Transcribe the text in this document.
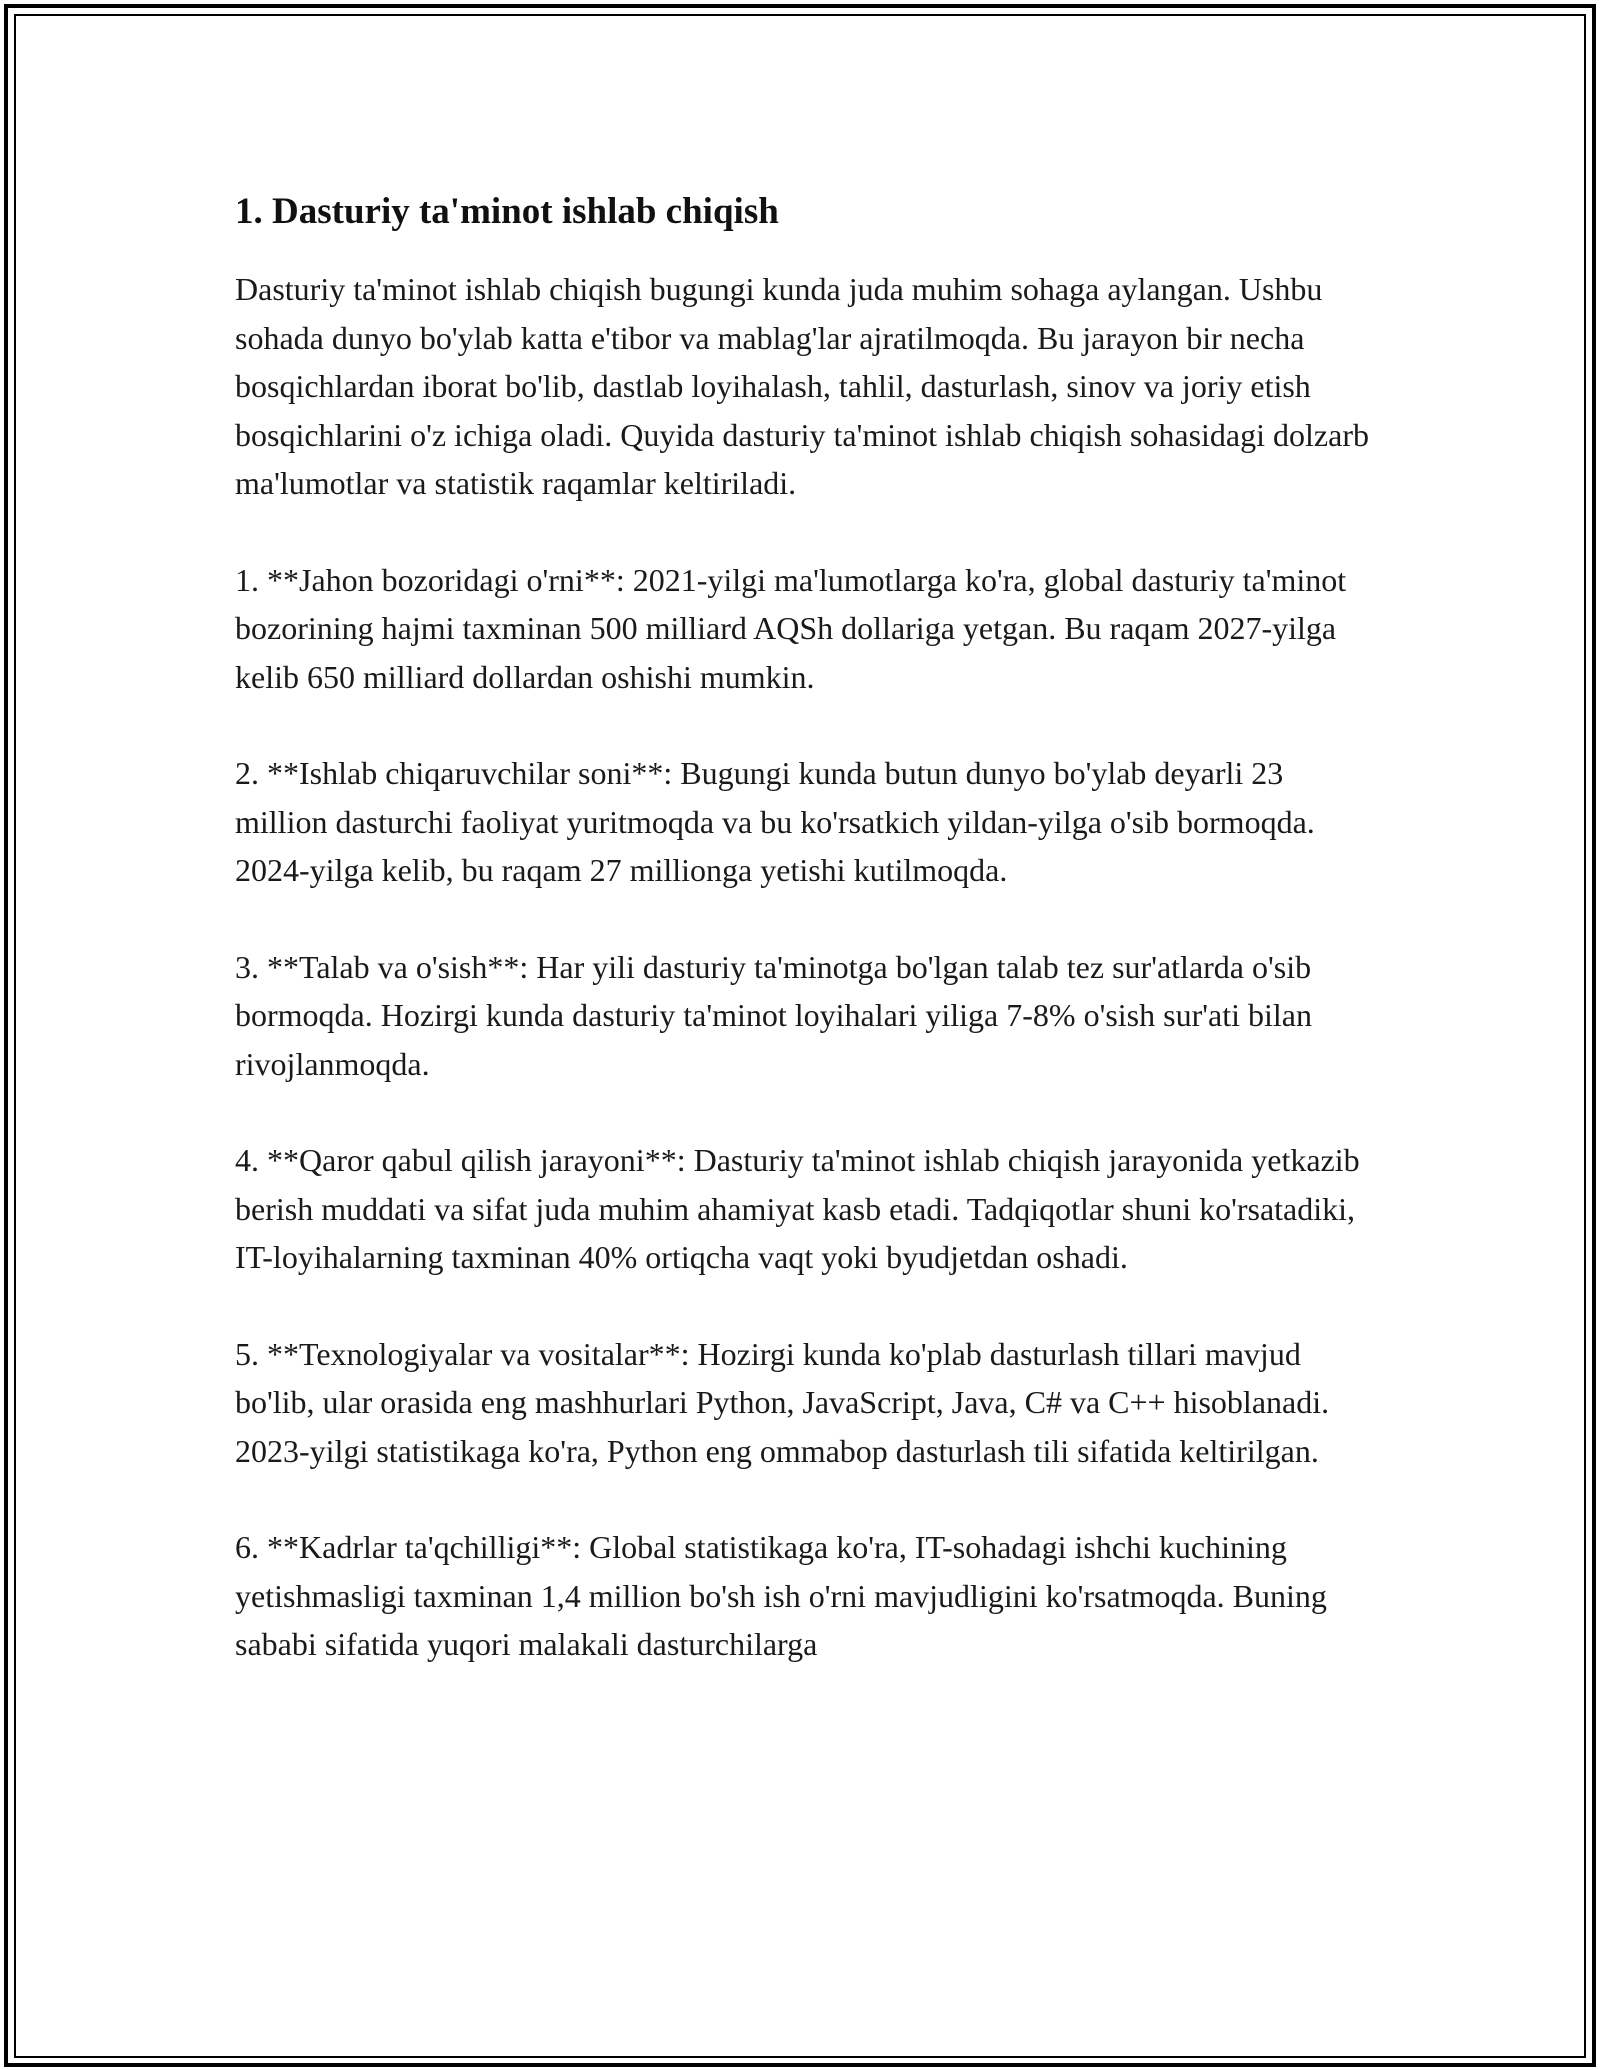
1. Dasturiy ta'minot ishlab chiqish

Dasturiy ta'minot ishlab chiqish bugungi kunda juda muhim sohaga aylangan. Ushbu sohada dunyo bo'ylab katta e'tibor va mablag'lar ajratilmoqda. Bu jarayon bir necha bosqichlardan iborat bo'lib, dastlab loyihalash, tahlil, dasturlash, sinov va joriy etish bosqichlarini o'z ichiga oladi. Quyida dasturiy ta'minot ishlab chiqish sohasidagi dolzarb ma'lumotlar va statistik raqamlar keltiriladi.

1. **Jahon bozoridagi o'rni**: 2021-yilgi ma'lumotlarga ko'ra, global dasturiy ta'minot bozorining hajmi taxminan 500 milliard AQSh dollariga yetgan. Bu raqam 2027-yilga kelib 650 milliard dollardan oshishi mumkin.

2. **Ishlab chiqaruvchilar soni**: Bugungi kunda butun dunyo bo'ylab deyarli 23 million dasturchi faoliyat yuritmoqda va bu ko'rsatkich yildan-yilga o'sib bormoqda. 2024-yilga kelib, bu raqam 27 millionga yetishi kutilmoqda.

3. **Talab va o'sish**: Har yili dasturiy ta'minotga bo'lgan talab tez sur'atlarda o'sib bormoqda. Hozirgi kunda dasturiy ta'minot loyihalari yiliga 7-8% o'sish sur'ati bilan rivojlanmoqda.

4. **Qaror qabul qilish jarayoni**: Dasturiy ta'minot ishlab chiqish jarayonida yetkazib berish muddati va sifat juda muhim ahamiyat kasb etadi. Tadqiqotlar shuni ko'rsatadiki, IT-loyihalarning taxminan 40% ortiqcha vaqt yoki byudjetdan oshadi.

5. **Texnologiyalar va vositalar**: Hozirgi kunda ko'plab dasturlash tillari mavjud bo'lib, ular orasida eng mashhurlari Python, JavaScript, Java, C# va C++ hisoblanadi. 2023-yilgi statistikaga ko'ra, Python eng ommabop dasturlash tili sifatida keltirilgan.

6. **Kadrlar ta'qchilligi**: Global statistikaga ko'ra, IT-sohadagi ishchi kuchining yetishmasligi taxminan 1,4 million bo'sh ish o'rni mavjudligini ko'rsatmoqda. Buning sababi sifatida yuqori malakali dasturchilarga
